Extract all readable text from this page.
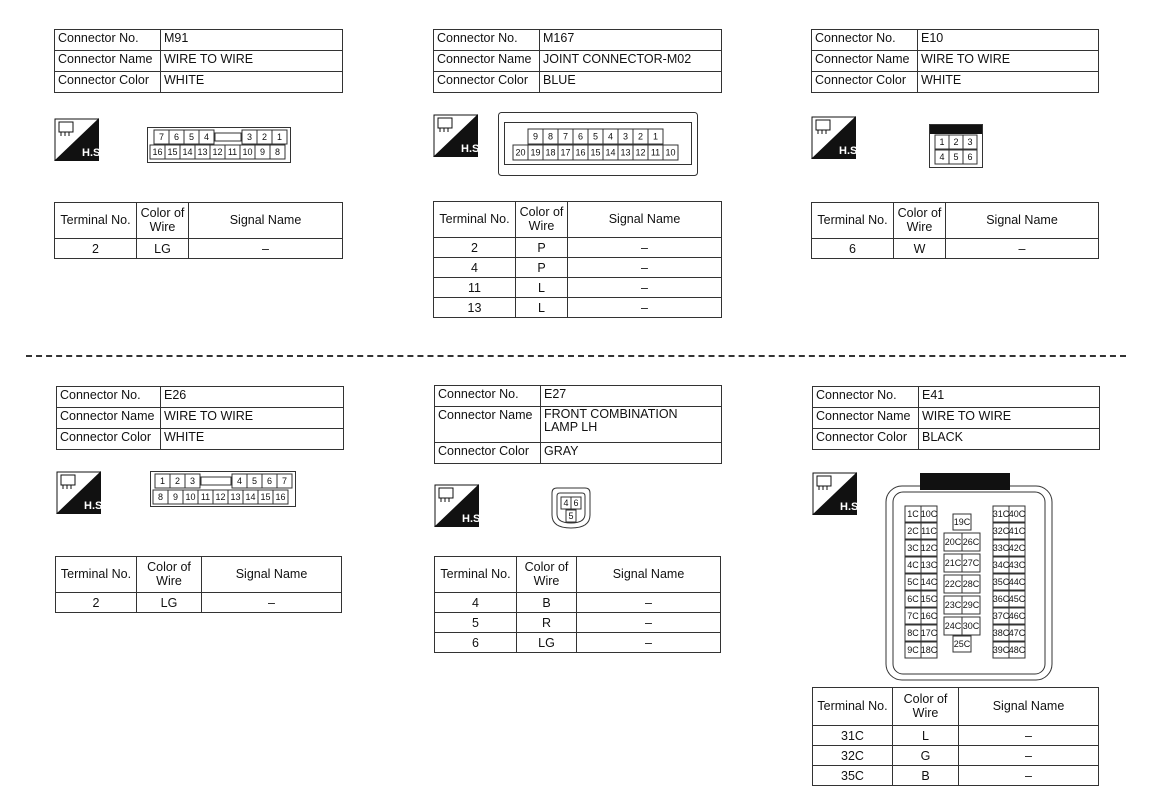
Connector No.	M91
Connector Name	WIRE TO WIRE
Connector Color	WHITE
H.S.
7 6 5 4	3 2 1
16 15 14 13 12 11 10 9 8
Terminal No.	Color of Wire	Signal Name
2	LG	–
Connector No.	M167
Connector Name	JOINT CONNECTOR-M02
Connector Color	BLUE
H.S.
9 8 7 6 5 4 3 2 1
20 19 18 17 16 15 14 13 12 11 10
Terminal No.	Color of Wire	Signal Name
2	P	–
4	P	–
11	L	–
13	L	–
Connector No.	E10
Connector Name	WIRE TO WIRE
Connector Color	WHITE
H.S.
1 2 3
4 5 6
Terminal No.	Color of Wire	Signal Name
6	W	–
Connector No.	E26
Connector Name	WIRE TO WIRE
Connector Color	WHITE
H.S.
1 2 3	4 5 6 7
8 9 10 11 12 13 14 15 16
Terminal No.	Color of Wire	Signal Name
2	LG	–
Connector No.	E27
Connector Name	FRONT COMBINATION LAMP LH
Connector Color	GRAY
H.S.
4 6
5
Terminal No.	Color of Wire	Signal Name
4	B	–
5	R	–
6	LG	–
Connector No.	E41
Connector Name	WIRE TO WIRE
Connector Color	BLACK
H.S.
1C 10C
2C 11C
3C 12C
4C 13C
5C 14C
6C 15C
7C 16C
8C 17C
9C 18C
31C 40C
32C 41C
33C 42C
34C 43C
35C 44C
36C 45C
37C 46C
38C 47C
39C 48C
19C
20C 26C
21C 27C
22C 28C
23C 29C
24C 30C
25C
Terminal No.	Color of Wire	Signal Name
31C	L	–
32C	G	–
35C	B	–
